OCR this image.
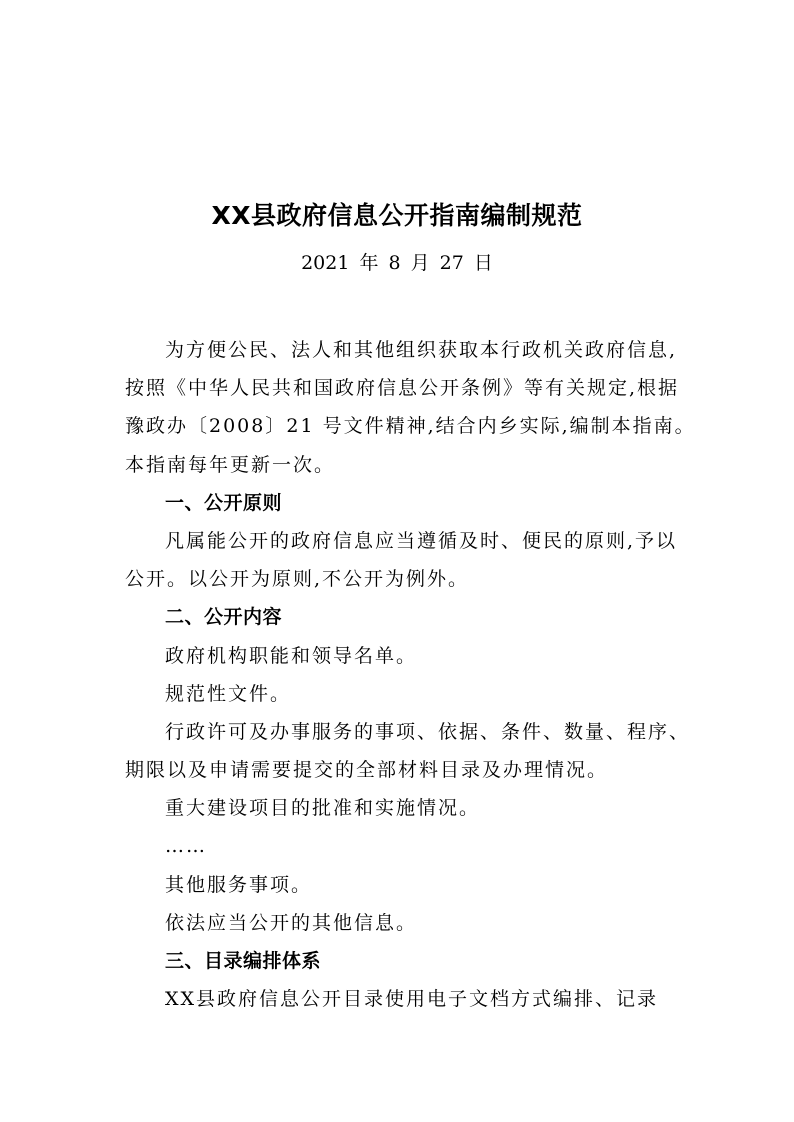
XX县政府信息公开指南编制规范
2021 年 8 月 27 日
为方便公民、法人和其他组织获取本行政机关政府信息,
按照《中华人民共和国政府信息公开条例》等有关规定,根据
豫政办〔2008〕21 号文件精神,结合内乡实际,编制本指南。
本指南每年更新一次。
一、公开原则
凡属能公开的政府信息应当遵循及时、便民的原则,予以
公开。以公开为原则,不公开为例外。
二、公开内容
政府机构职能和领导名单。
规范性文件。
行政许可及办事服务的事项、依据、条件、数量、程序、
期限以及申请需要提交的全部材料目录及办理情况。
重大建设项目的批准和实施情况。
……
其他服务事项。
依法应当公开的其他信息。
三、目录编排体系
XX县政府信息公开目录使用电子文档方式编排、记录
